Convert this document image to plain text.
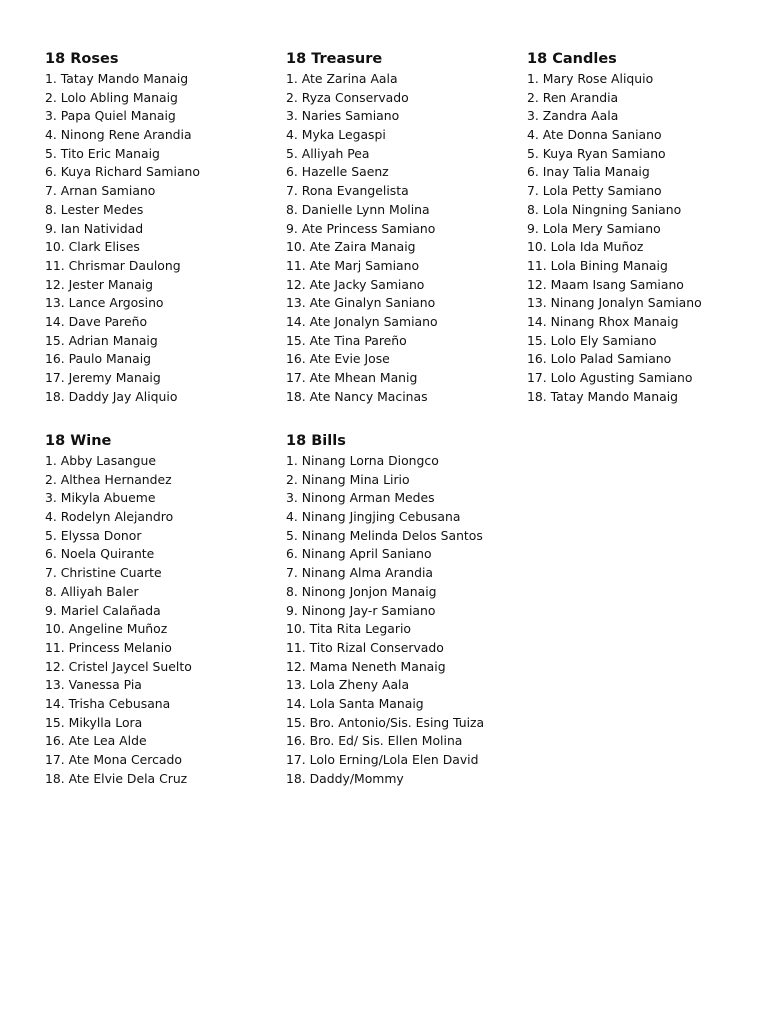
18 Roses
1. Tatay Mando Manaig
2. Lolo Abling Manaig
3. Papa Quiel Manaig
4. Ninong Rene Arandia
5. Tito Eric Manaig
6. Kuya Richard Samiano
7. Arnan Samiano
8. Lester Medes
9. Ian Natividad
10. Clark Elises
11. Chrismar Daulong
12. Jester Manaig
13. Lance Argosino
14. Dave Pareño
15. Adrian Manaig
16. Paulo Manaig
17. Jeremy Manaig
18. Daddy Jay Aliquio
18 Treasure
1. Ate Zarina Aala
2. Ryza Conservado
3. Naries Samiano
4. Myka Legaspi
5. Alliyah Pea
6. Hazelle Saenz
7. Rona Evangelista
8. Danielle Lynn Molina
9. Ate Princess Samiano
10. Ate Zaira Manaig
11. Ate Marj Samiano
12. Ate Jacky Samiano
13. Ate Ginalyn Saniano
14. Ate Jonalyn Samiano
15. Ate Tina Pareño
16. Ate Evie Jose
17. Ate Mhean Manig
18. Ate Nancy Macinas
18 Candles
1. Mary Rose Aliquio
2. Ren Arandia
3. Zandra Aala
4. Ate Donna Saniano
5. Kuya Ryan Samiano
6. Inay Talia Manaig
7. Lola Petty Samiano
8. Lola Ningning Saniano
9. Lola Mery Samiano
10. Lola Ida Muñoz
11. Lola Bining Manaig
12. Maam Isang Samiano
13. Ninang Jonalyn Samiano
14. Ninang Rhox Manaig
15. Lolo Ely Samiano
16. Lolo Palad Samiano
17. Lolo Agusting Samiano
18. Tatay Mando Manaig
18 Wine
1. Abby Lasangue
2. Althea Hernandez
3. Mikyla Abueme
4. Rodelyn Alejandro
5. Elyssa Donor
6. Noela Quirante
7. Christine Cuarte
8. Alliyah Baler
9. Mariel Calañada
10. Angeline Muñoz
11. Princess Melanio
12. Cristel Jaycel Suelto
13. Vanessa Pia
14. Trisha Cebusana
15. Mikylla Lora
16. Ate Lea Alde
17. Ate Mona Cercado
18. Ate Elvie Dela Cruz
18 Bills
1. Ninang Lorna Diongco
2. Ninang Mina Lirio
3. Ninong Arman Medes
4. Ninang Jingjing Cebusana
5. Ninang Melinda Delos Santos
6. Ninang April Saniano
7. Ninang Alma Arandia
8. Ninong Jonjon Manaig
9. Ninong Jay-r Samiano
10. Tita Rita Legario
11. Tito Rizal Conservado
12. Mama Neneth Manaig
13. Lola Zheny Aala
14. Lola Santa Manaig
15. Bro. Antonio/Sis. Esing Tuiza
16. Bro. Ed/ Sis. Ellen Molina
17. Lolo Erning/Lola Elen David
18. Daddy/Mommy
